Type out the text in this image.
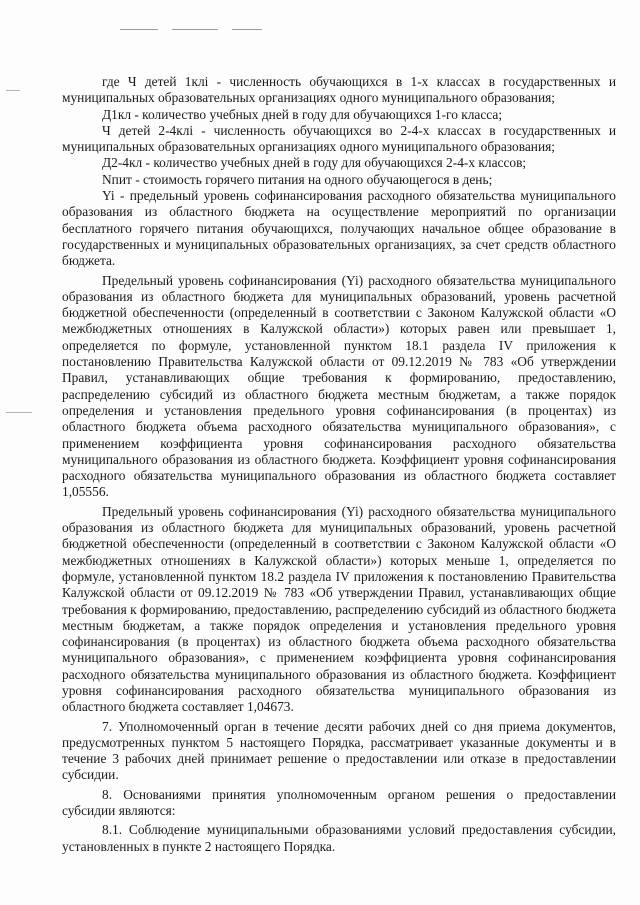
где Ч детей 1клi - численность обучающихся в 1-х классах в государственных и муниципальных образовательных организациях одного муниципального образования;

Д1кл - количество учебных дней в году для обучающихся 1-го класса;

Ч детей 2-4клi - численность обучающихся во 2-4-х классах в государственных и муниципальных образовательных организациях одного муниципального образования;

Д2-4кл - количество учебных дней в году для обучающихся 2-4-х классов;

Nпит - стоимость горячего питания на одного обучающегося в день;

Yi - предельный уровень софинансирования расходного обязательства муниципального образования из областного бюджета на осуществление мероприятий по организации бесплатного горячего питания обучающихся, получающих начальное общее образование в государственных и муниципальных образовательных организациях, за счет средств областного бюджета.

Предельный уровень софинансирования (Yi) расходного обязательства муниципального образования из областного бюджета для муниципальных образований, уровень расчетной бюджетной обеспеченности (определенный в соответствии с Законом Калужской области «О межбюджетных отношениях в Калужской области») которых равен или превышает 1, определяется по формуле, установленной пунктом 18.1 раздела IV приложения к постановлению Правительства Калужской области от 09.12.2019 № 783 «Об утверждении Правил, устанавливающих общие требования к формированию, предоставлению, распределению субсидий из областного бюджета местным бюджетам, а также порядок определения и установления предельного уровня софинансирования (в процентах) из областного бюджета объема расходного обязательства муниципального образования», с применением коэффициента уровня софинансирования расходного обязательства муниципального образования из областного бюджета. Коэффициент уровня софинансирования расходного обязательства муниципального образования из областного бюджета составляет 1,05556.

Предельный уровень софинансирования (Yi) расходного обязательства муниципального образования из областного бюджета для муниципальных образований, уровень расчетной бюджетной обеспеченности (определенный в соответствии с Законом Калужской области «О межбюджетных отношениях в Калужской области») которых меньше 1, определяется по формуле, установленной пунктом 18.2 раздела IV приложения к постановлению Правительства Калужской области от 09.12.2019 № 783 «Об утверждении Правил, устанавливающих общие требования к формированию, предоставлению, распределению субсидий из областного бюджета местным бюджетам, а также порядок определения и установления предельного уровня софинансирования (в процентах) из областного бюджета объема расходного обязательства муниципального образования», с применением коэффициента уровня софинансирования расходного обязательства муниципального образования из областного бюджета. Коэффициент уровня софинансирования расходного обязательства муниципального образования из областного бюджета составляет 1,04673.

7. Уполномоченный орган в течение десяти рабочих дней со дня приема документов, предусмотренных пунктом 5 настоящего Порядка, рассматривает указанные документы и в течение 3 рабочих дней принимает решение о предоставлении или отказе в предоставлении субсидии.

8. Основаниями принятия уполномоченным органом решения о предоставлении субсидии являются:

8.1. Соблюдение муниципальными образованиями условий предоставления субсидии, установленных в пункте 2 настоящего Порядка.
